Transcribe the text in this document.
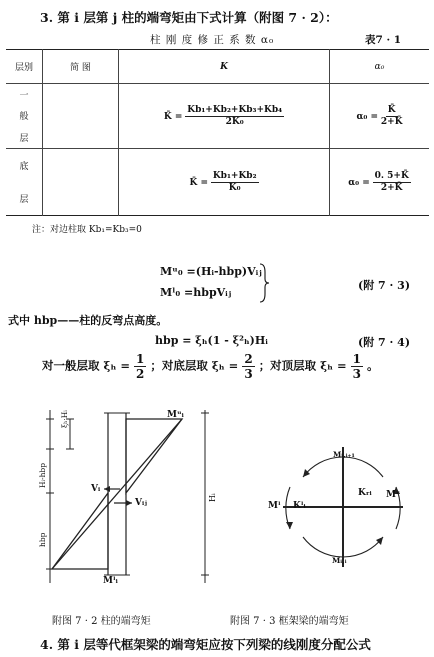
3. 第 i 层第 j 柱的端弯矩由下式计算（附图 7 · 2）：
柱 刚 度 修 正 系 数 α₀	表7 · 1
层别	简 图	K	α₀

一
般
层		K̄ = $\frac{\text{Kb₁+Kb₂+Kb₃+Kb₄}}{\text{2K₀}}$	$\alpha_0 = \frac{K̄}{2+K̄}$

底
层		K̄ = $\frac{\text{Kb₁+Kb₂}}{\text{K₀}}$	$\alpha_0 = \frac{0. 5+K̄}{2+K̄}$
注：对边柱取 Kb₁=Kb₃=0
Mᵘ₀ =(Hᵢ-hbp)Vᵢⱼ
Mˡ₀ =hbpVᵢⱼ
(附 7 · 3)
式中 hbp——柱的反弯点高度。
hbp = ξₕ(1 - ξ²ₕ)Hᵢ	(附 7 · 4)
对一般层取 $\xi_h = \frac{1}{2}$ ；对底层取 $\xi_h = \frac{2}{3}$ ；对顶层取 $\xi_h = \frac{1}{3}$ 。
Mᵘᵢ
Mˡᵢ
Vᵢ
Vᵢⱼ
ξₕ·Hᵢ
Hᵢ-hbp
hbp
Hᵢ
Mᵢ,ᵢ₊₁
Mᵢ,ᵢ
Mˡ Kˡᵢ
Kᵣᵢ Mʳ
附图 7 · 2 柱的端弯矩	附图 7 · 3 框架梁的端弯矩
4. 第 i 层等代框架梁的端弯矩应按下列梁的线刚度分配公式
